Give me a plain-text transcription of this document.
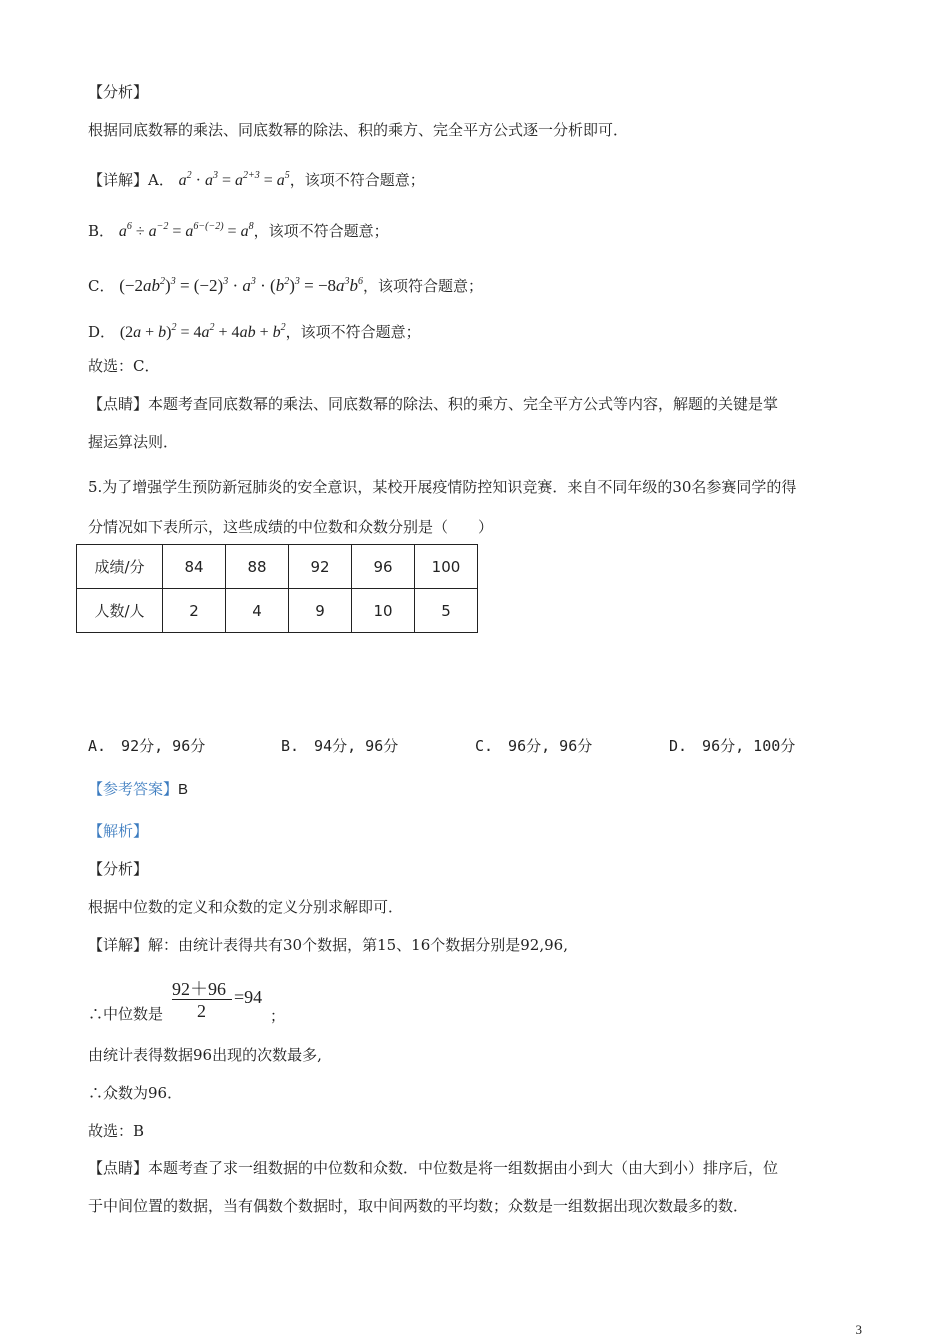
【分析】
根据同底数幂的乘法、同底数幂的除法、积的乘方、完全平方公式逐一分析即可．
【详解】A． $a^2 \cdot a^3 = a^{2+3} = a^5$，该项不符合题意；
B． $a^6 \div a^{-2} = a^{6-(-2)} = a^8$，该项不符合题意；
C． $(-2ab^2)^3 = (-2)^3 \cdot a^3 \cdot (b^2)^3 = -8a^3b^6$，该项符合题意；
D． $(2a + b)^2 = 4a^2 + 4ab + b^2$，该项不符合题意；
故选：C．
【点睛】本题考查同底数幂的乘法、同底数幂的除法、积的乘方、完全平方公式等内容，解题的关键是掌
握运算法则．
5.为了增强学生预防新冠肺炎的安全意识，某校开展疫情防控知识竞赛．来自不同年级的30名参赛同学的得
分情况如下表所示，这些成绩的中位数和众数分别是（　　）
成绩/分	84	88	92	96	100
人数/人	2	4	9	10	5
A.　92分, 96分	B.　94分, 96分	C.　96分, 96分	D.　96分, 100分
【参考答案】B
【解析】
【分析】
根据中位数的定义和众数的定义分别求解即可．
【详解】解：由统计表得共有30个数据，第15、16个数据分别是92,96,
∴中位数是
92＋96
2
=94
；
由统计表得数据96出现的次数最多,
∴众数为96．
故选：B
【点睛】本题考查了求一组数据的中位数和众数．中位数是将一组数据由小到大（由大到小）排序后，位
于中间位置的数据，当有偶数个数据时，取中间两数的平均数；众数是一组数据出现次数最多的数．
3
